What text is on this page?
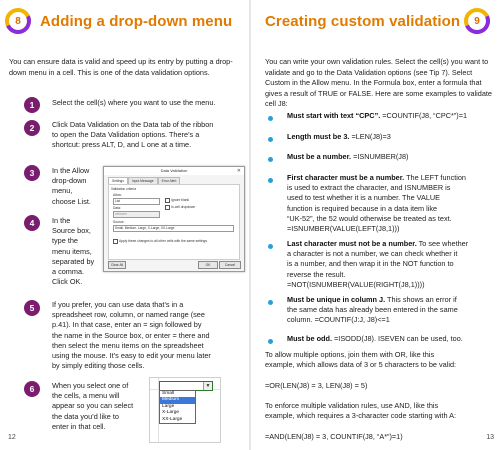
8 Adding a drop-down menu

You can ensure data is valid and speed up its entry by putting a drop-down menu in a cell. This is one of the data validation options.

1	Select the cell(s) where you want to use the menu.

2	Click Data Validation on the Data tab of the ribbon
to open the Data Validation options. There’s a
shortcut: press ALT, D, and L one at a time.

3	In the Allow
drop-down
menu,
choose List.

4	In the
Source box,
type the
menu items,
separated by
a comma.
Click OK.

Data Validation	✕
Settings	Input Message	Error Alert
Validation criteria
Allow:
List	Ignore blank
In-cell dropdown
Data:
between
Source:
Small, Medium, Large, X-Large, XX-Large
Apply these changes to all other cells with the same settings
Clear All	OK	Cancel
5	If you prefer, you can use data that’s in a
spreadsheet row, column, or named range (see
p.41). In that case, enter an = sign followed by
the name in the Source box, or enter = there and
then select the menu items on the spreadsheet
using the mouse. It’s easy to edit your menu later
by simply editing those cells.

6	When you select one of
the cells, a menu will
appear so you can select
the data you’d like to
enter in that cell.

▼
Small
Medium
Large
X-Large
XX-Large
12
Creating custom validation 9

You can write your own validation rules. Select the cell(s) you want to validate and go to the Data Validation options (see Tip 7). Select Custom in the Allow menu. In the Formula box, enter a formula that gives a result of TRUE or FALSE. Here are some examples to validate cell J8:

Must start with text “CPC”. =COUNTIF(J8, “CPC*”)=1

Length must be 3. =LEN(J8)=3

Must be a number. =ISNUMBER(J8)

First character must be a number. The LEFT function
is used to extract the character, and ISNUMBER is
used to test whether it is a number. The VALUE
function is required because in a data item like
“UK-52”, the 52 would otherwise be treated as text.
=ISNUMBER(VALUE(LEFT(J8,1)))

Last character must not be a number. To see whether
a character is not a number, we can check whether it
is a number, and then wrap it in the NOT function to
reverse the result.
=NOT(ISNUMBER(VALUE(RIGHT(J8,1))))

Must be unique in column J. This shows an error if
the same data has already been entered in the same
column. =COUNTIF(J:J, J8)<=1

Must be odd. =ISODD(J8). ISEVEN can be used, too.

To allow multiple options, join them with OR, like this
example, which allows data of 3 or 5 characters to be valid:

=OR(LEN(J8) = 3, LEN(J8) = 5)

To enforce multiple validation rules, use AND, like this
example, which requires a 3-character code starting with A:

=AND(LEN(J8) = 3, COUNTIF(J8, “A*”)=1)	13
